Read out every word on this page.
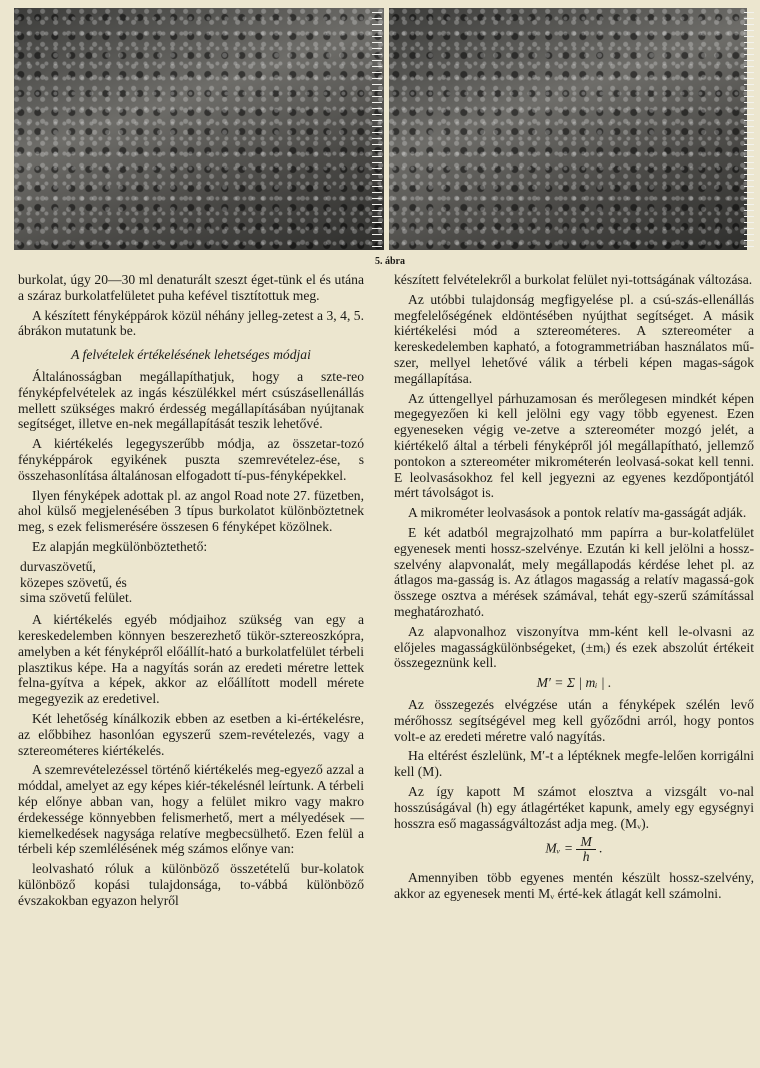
5. ábra

burkolat, úgy 20—30 ml denaturált szeszt éget-tünk el és utána a száraz burkolatfelületet puha kefével tisztítottuk meg.

A készített fényképpárok közül néhány jelleg-zetest a 3, 4, 5. ábrákon mutatunk be.

A felvételek értékelésének lehetséges módjai

Általánosságban megállapíthatjuk, hogy a szte-reo fényképfelvételek az ingás készülékkel mért csúszásellenállás mellett szükséges makró érdesség megállapításában nyújtanak segítséget, illetve en-nek megállapítását teszik lehetővé.

A kiértékelés legegyszerűbb módja, az összetar-tozó fényképpárok egyikének puszta szemrevételez-ése, s összehasonlítása általánosan elfogadott tí-pus-fényképekkel.

Ilyen fényképek adottak pl. az angol Road note 27. füzetben, ahol külső megjelenésében 3 típus burkolatot különböztetnek meg, s ezek felismerésére összesen 6 fényképet közölnek.

Ez alapján megkülönböztethető:

durvaszövetű,
közepes szövetű, és
sima szövetű felület.

A kiértékelés egyéb módjaihoz szükség van egy a kereskedelemben könnyen beszerezhető tükör-sztereoszkópra, amelyben a két fényképről előállít-ható a burkolatfelület térbeli plasztikus képe. Ha a nagyítás során az eredeti méretre lettek felna-gyítva a képek, akkor az előállított modell mérete megegyezik az eredetivel.

Két lehetőség kínálkozik ebben az esetben a ki-értékelésre, az előbbihez hasonlóan egyszerű szem-revételezés, vagy a sztereométeres kiértékelés.

A szemrevételezéssel történő kiértékelés meg-egyező azzal a móddal, amelyet az egy képes kiér-tékelésnél leírtunk. A térbeli kép előnye abban van, hogy a felület mikro vagy makro érdekessége könnyebben felismerhető, mert a mélyedések — kiemelkedések nagysága relatíve megbecsülhető. Ezen felül a térbeli kép szemlélésének még számos előnye van:

leolvasható róluk a különböző összetételű bur-kolatok különböző kopási tulajdonsága, to-vábbá különböző évszakokban egyazon helyről

készített felvételekről a burkolat felület nyi-tottságának változása.

Az utóbbi tulajdonság megfigyelése pl. a csú-szás-ellenállás megfelelőségének eldöntésében nyújthat segítséget. A másik kiértékelési mód a sztereométeres. A sztereométer a kereskedelemben kapható, a fotogrammetriában használatos mű-szer, mellyel lehetővé válik a térbeli képen magas-ságok megállapítása.

Az úttengellyel párhuzamosan és merőlegesen mindkét képen megegyezően ki kell jelölni egy vagy több egyenest. Ezen egyeneseken végig ve-zetve a sztereométer mozgó jelét, a kiértékelő által a térbeli fényképről jól megállapítható, jellemző pontokon a sztereométer mikrométerén leolvasá-sokat kell tenni. E leolvasásokhoz fel kell jegyezni az egyenes kezdőpontjától mért távolságot is.

A mikrométer leolvasások a pontok relatív ma-gasságát adják.

E két adatból megrajzolható mm papírra a bur-kolatfelület egyenesek menti hossz-szelvénye. Ezután ki kell jelölni a hossz-szelvény alapvonalát, mely megállapodás kérdése lehet pl. az átlagos ma-gasság is. Az átlagos magasság a relatív magassá-gok összege osztva a mérések számával, tehát egy-szerű számítással meghatározható.

Az alapvonalhoz viszonyítva mm-ként kell le-olvasni az előjeles magasságkülönbségeket, (±mᵢ) és ezek abszolút értékeit összegeznünk kell.

M′ = Σ | mᵢ | .

Az összegezés elvégzése után a fényképek szélén levő mérőhossz segítségével meg kell győződni arról, hogy pontos volt-e az eredeti méretre való nagyítás.

Ha eltérést észlelünk, M′-t a léptéknek megfe-lelően korrigálni kell (M).

Az így kapott M számot elosztva a vizsgált vo-nal hosszúságával (h) egy átlagértéket kapunk, amely egy egységnyi hosszra eső magasságváltozást adja meg. (Mᵥ).

Mᵥ = $\frac{M}{h}$ .

Amennyiben több egyenes mentén készült hossz-szelvény, akkor az egyenesek menti Mᵥ érté-kek átlagát kell számolni.
